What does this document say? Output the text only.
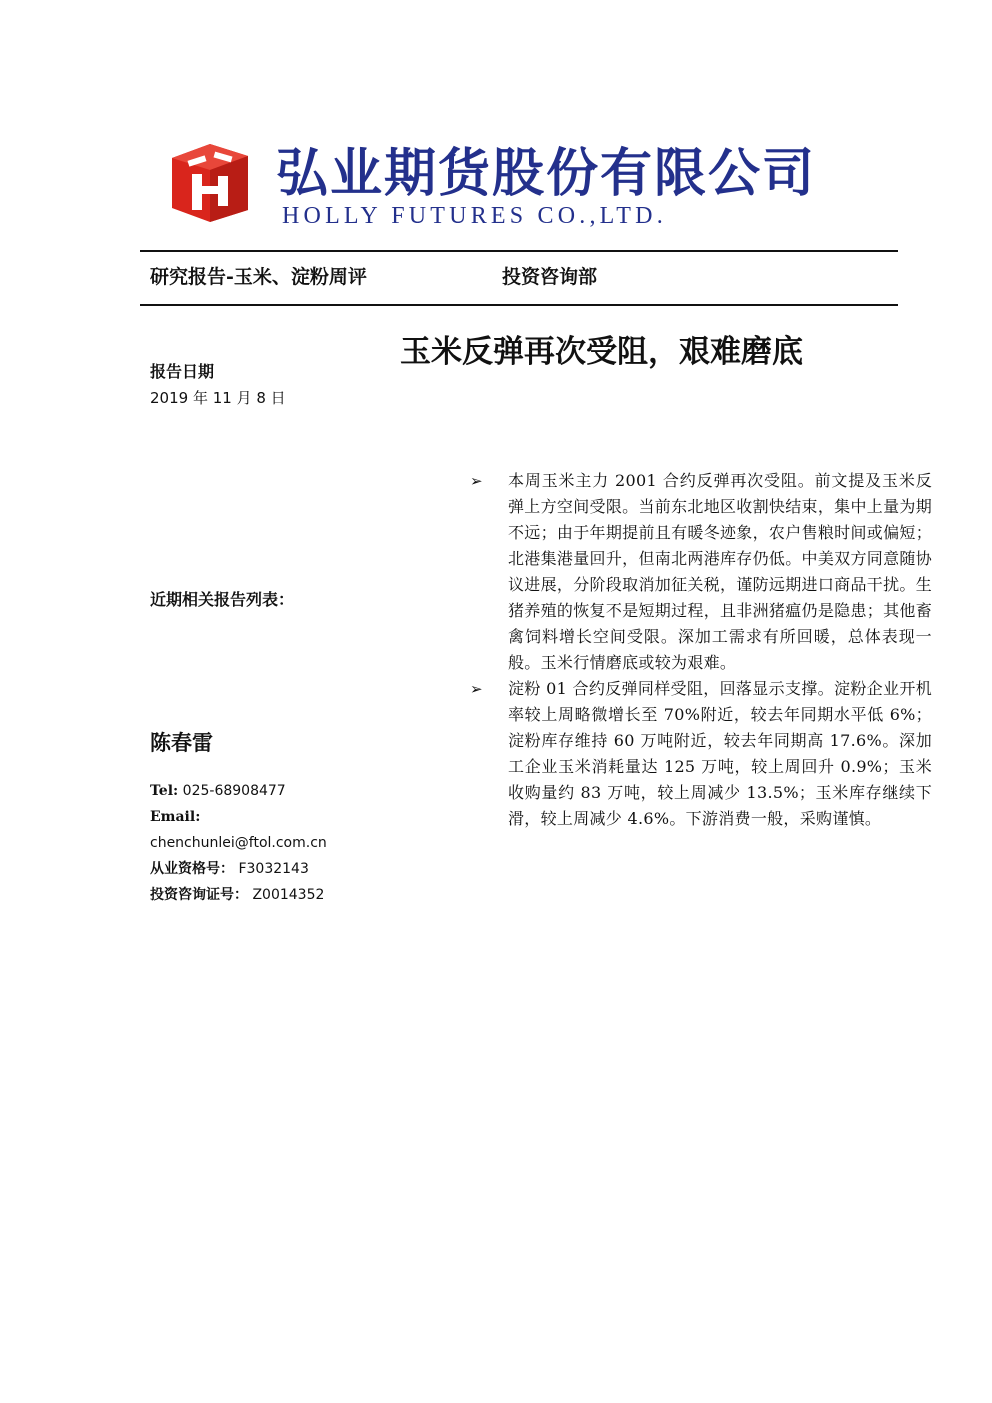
弘业期货股份有限公司
HOLLY FUTURES CO.,LTD.
研究报告-玉米、淀粉周评	投资咨询部
玉米反弹再次受阻，艰难磨底
报告日期
2019 年 11 月 8 日
近期相关报告列表：
陈春雷
Tel: 025-68908477
Email:
chenchunlei@ftol.com.cn
从业资格号： F3032143
投资咨询证号： Z0014352
➢ 本周玉米主力 2001 合约反弹再次受阻。前文提及玉米反弹上方空间受限。当前东北地区收割快结束，集中上量为期不远；由于年期提前且有暖冬迹象，农户售粮时间或偏短；北港集港量回升，但南北两港库存仍低。中美双方同意随协议进展，分阶段取消加征关税，谨防远期进口商品干扰。生猪养殖的恢复不是短期过程，且非洲猪瘟仍是隐患；其他畜禽饲料增长空间受限。深加工需求有所回暖，总体表现一般。玉米行情磨底或较为艰难。
➢ 淀粉 01 合约反弹同样受阻，回落显示支撑。淀粉企业开机率较上周略微增长至 70%附近，较去年同期水平低 6%；淀粉库存维持 60 万吨附近，较去年同期高 17.6%。深加工企业玉米消耗量达 125 万吨，较上周回升 0.9%；玉米收购量约 83 万吨，较上周减少 13.5%；玉米库存继续下滑，较上周减少 4.6%。下游消费一般，采购谨慎。
